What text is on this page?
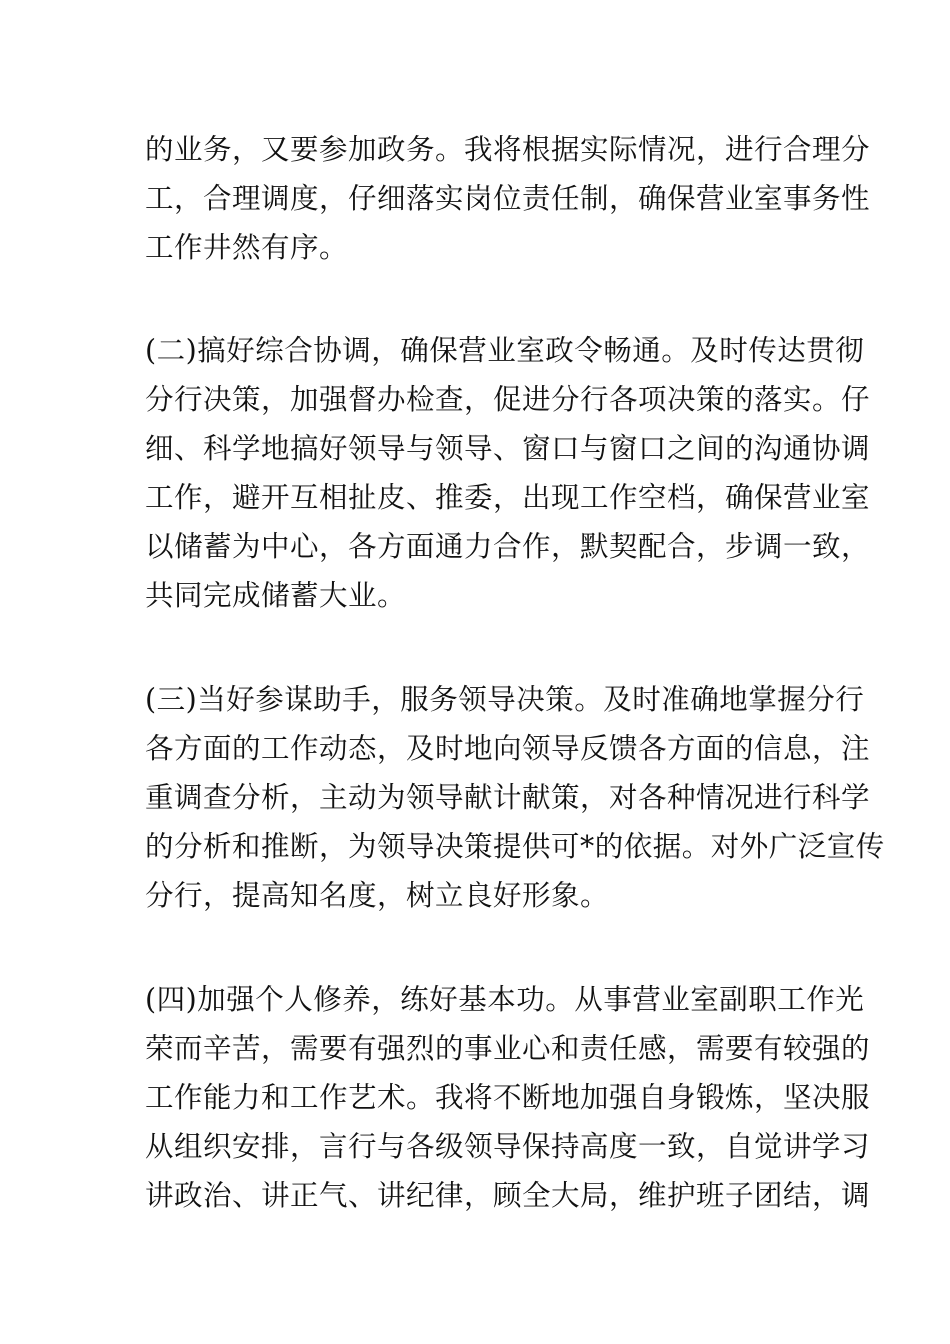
的业务，又要参加政务。我将根据实际情况，进行合理分
工，合理调度，仔细落实岗位责任制，确保营业室事务性
工作井然有序。
(二)搞好综合协调，确保营业室政令畅通。及时传达贯彻
分行决策，加强督办检查，促进分行各项决策的落实。仔
细、科学地搞好领导与领导、窗口与窗口之间的沟通协调
工作，避开互相扯皮、推委，出现工作空档，确保营业室
以储蓄为中心，各方面通力合作，默契配合，步调一致，
共同完成储蓄大业。
(三)当好参谋助手，服务领导决策。及时准确地掌握分行
各方面的工作动态，及时地向领导反馈各方面的信息，注
重调查分析，主动为领导献计献策，对各种情况进行科学
的分析和推断，为领导决策提供可*的依据。对外广泛宣传
分行，提高知名度，树立良好形象。
(四)加强个人修养，练好基本功。从事营业室副职工作光
荣而辛苦，需要有强烈的事业心和责任感，需要有较强的
工作能力和工作艺术。我将不断地加强自身锻炼，坚决服
从组织安排，言行与各级领导保持高度一致，自觉讲学习
讲政治、讲正气、讲纪律，顾全大局，维护班子团结，调
